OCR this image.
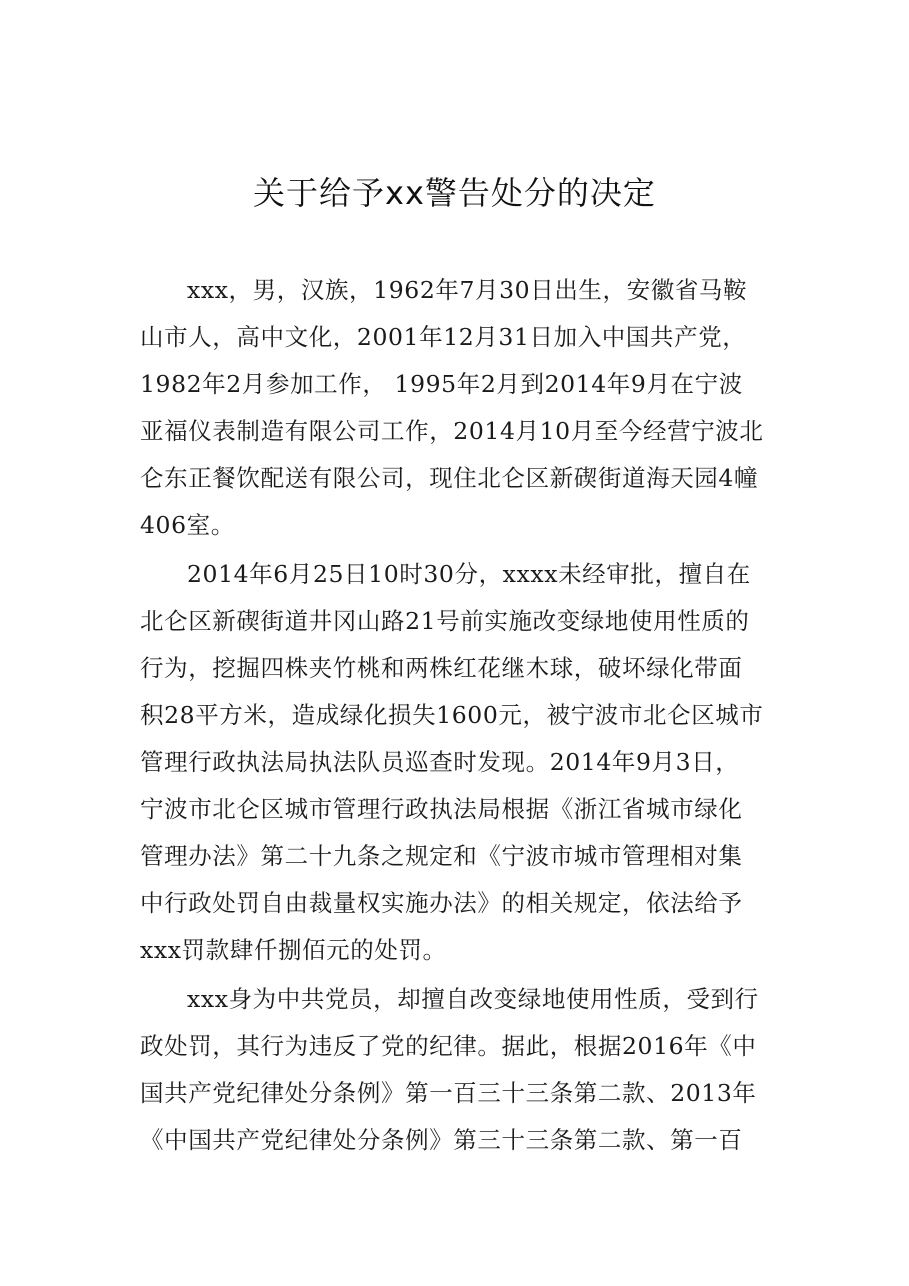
关于给予xx警告处分的决定
xxx，男，汉族，1962年7月30日出生，安徽省马鞍
山市人，高中文化，2001年12月31日加入中国共产党，
1982年2月参加工作， 1995年2月到2014年9月在宁波
亚福仪表制造有限公司工作，2014月10月至今经营宁波北
仑东正餐饮配送有限公司，现住北仑区新碶街道海天园4幢
406室。
2014年6月25日10时30分，xxxx未经审批，擅自在
北仑区新碶街道井冈山路21号前实施改变绿地使用性质的
行为，挖掘四株夹竹桃和两株红花继木球，破坏绿化带面
积28平方米，造成绿化损失1600元，被宁波市北仑区城市
管理行政执法局执法队员巡查时发现。2014年9月3日，
宁波市北仑区城市管理行政执法局根据《浙江省城市绿化
管理办法》第二十九条之规定和《宁波市城市管理相对集
中行政处罚自由裁量权实施办法》的相关规定，依法给予
xxx罚款肆仟捌佰元的处罚。
xxx身为中共党员，却擅自改变绿地使用性质，受到行
政处罚，其行为违反了党的纪律。据此，根据2016年《中
国共产党纪律处分条例》第一百三十三条第二款、2013年
《中国共产党纪律处分条例》第三十三条第二款、第一百
